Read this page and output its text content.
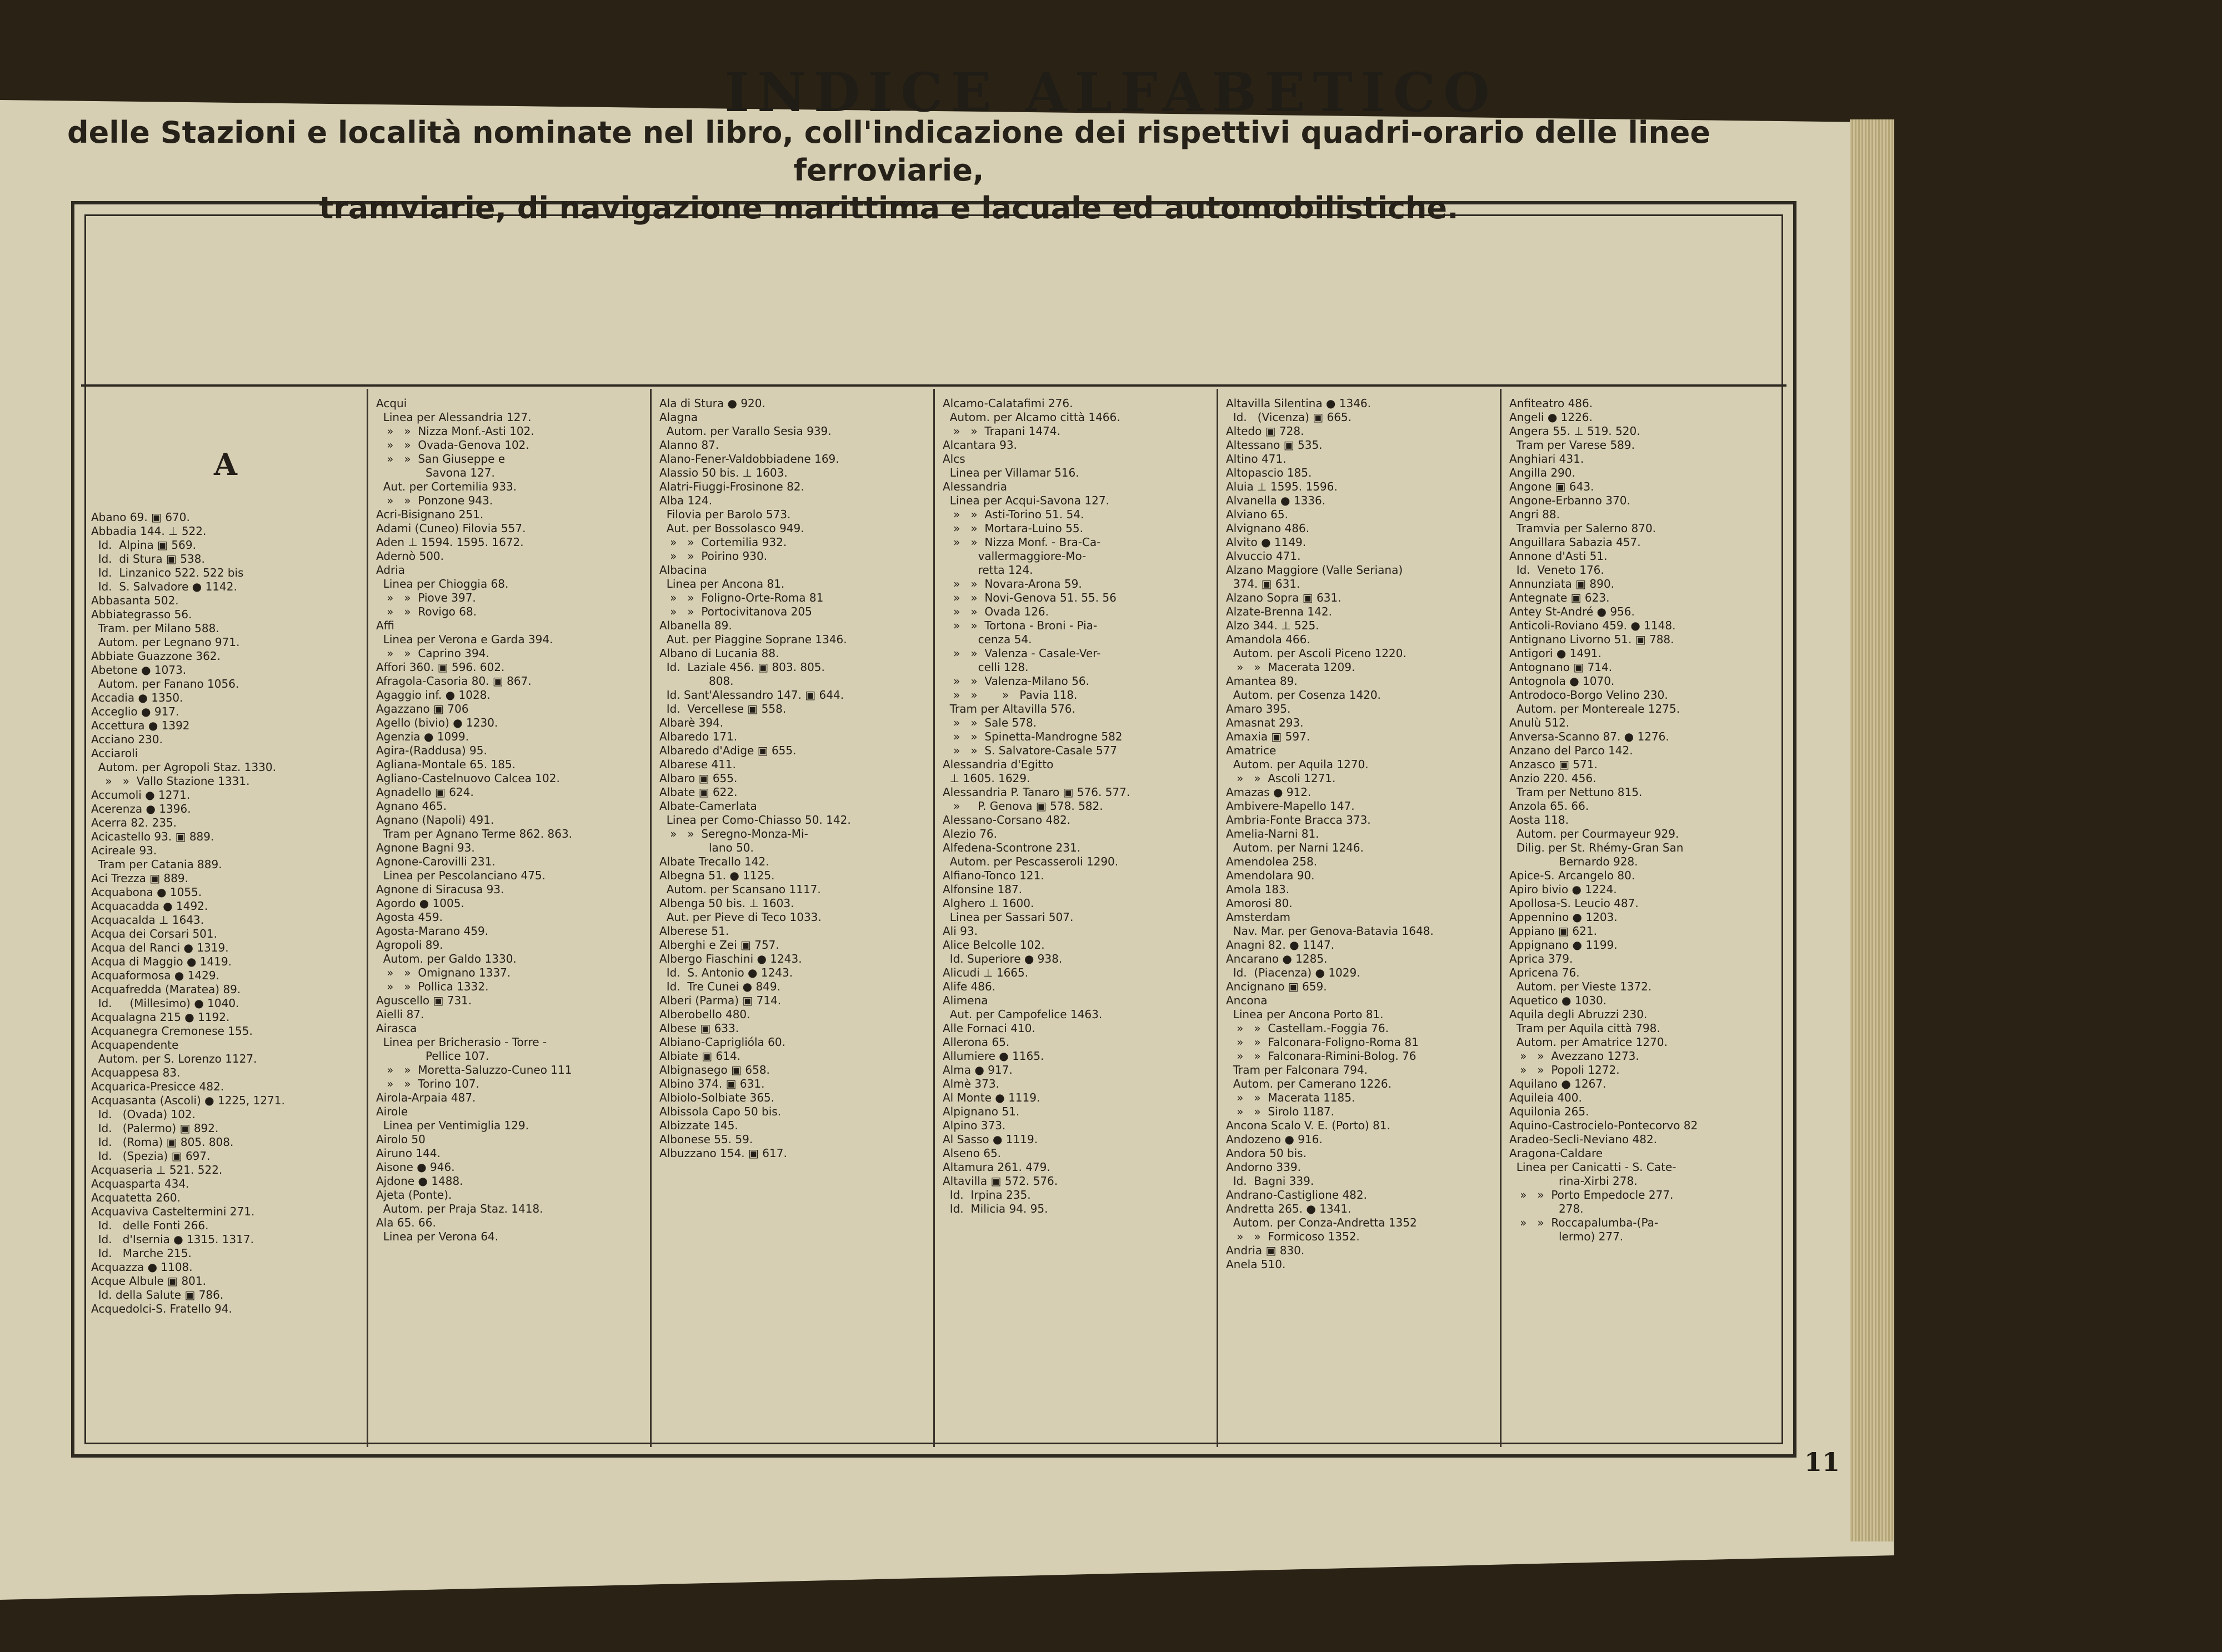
INDICE ALFABETICO
delle Stazioni e località nominate nel libro, coll'indicazione dei rispettivi quadri-orario delle linee ferroviarie,
tramviarie, di navigazione marittima e lacuale ed automobilistiche.
A
Abano 69. ▣ 670.
Abbadia 144. ⊥ 522.
Id.  Alpina ▣ 569.
Id.  di Stura ▣ 538.
Id.  Linzanico 522. 522 bis
Id.  S. Salvadore ● 1142.
Abbasanta 502.
Abbiategrasso 56.
Tram. per Milano 588.
Autom. per Legnano 971.
Abbiate Guazzone 362.
Abetone ● 1073.
Autom. per Fanano 1056.
Accadia ● 1350.
Acceglio ● 917.
Accettura ● 1392
Acciano 230.
Acciaroli
Autom. per Agropoli Staz. 1330.
»   »  Vallo Stazione 1331.
Accumoli ● 1271.
Acerenza ● 1396.
Acerra 82. 235.
Acicastello 93. ▣ 889.
Acireale 93.
Tram per Catania 889.
Aci Trezza ▣ 889.
Acquabona ● 1055.
Acquacadda ● 1492.
Acquacalda ⊥ 1643.
Acqua dei Corsari 501.
Acqua del Ranci ● 1319.
Acqua di Maggio ● 1419.
Acquaformosa ● 1429.
Acquafredda (Maratea) 89.
Id.     (Millesimo) ● 1040.
Acqualagna 215 ● 1192.
Acquanegra Cremonese 155.
Acquapendente
Autom. per S. Lorenzo 1127.
Acquappesa 83.
Acquarica-Presicce 482.
Acquasanta (Ascoli) ● 1225, 1271.
Id.   (Ovada) 102.
Id.   (Palermo) ▣ 892.
Id.   (Roma) ▣ 805. 808.
Id.   (Spezia) ▣ 697.
Acquaseria ⊥ 521. 522.
Acquasparta 434.
Acquatetta 260.
Acquaviva Casteltermini 271.
Id.   delle Fonti 266.
Id.   d'Isernia ● 1315. 1317.
Id.   Marche 215.
Acquazza ● 1108.
Acque Albule ▣ 801.
Id. della Salute ▣ 786.
Acquedolci-S. Fratello 94.
Acqui
Linea per Alessandria 127.
»   »  Nizza Monf.-Asti 102.
»   »  Ovada-Genova 102.
»   »  San Giuseppe e
Savona 127.
Aut. per Cortemilia 933.
»   »  Ponzone 943.
Acri-Bisignano 251.
Adami (Cuneo) Filovia 557.
Aden ⊥ 1594. 1595. 1672.
Adernò 500.
Adria
Linea per Chioggia 68.
»   »  Piove 397.
»   »  Rovigo 68.
Affi
Linea per Verona e Garda 394.
»   »  Caprino 394.
Affori 360. ▣ 596. 602.
Afragola-Casoria 80. ▣ 867.
Agaggio inf. ● 1028.
Agazzano ▣ 706
Agello (bivio) ● 1230.
Agenzia ● 1099.
Agira-(Raddusa) 95.
Agliana-Montale 65. 185.
Agliano-Castelnuovo Calcea 102.
Agnadello ▣ 624.
Agnano 465.
Agnano (Napoli) 491.
Tram per Agnano Terme 862. 863.
Agnone Bagni 93.
Agnone-Carovilli 231.
Linea per Pescolanciano 475.
Agnone di Siracusa 93.
Agordo ● 1005.
Agosta 459.
Agosta-Marano 459.
Agropoli 89.
Autom. per Galdo 1330.
»   »  Omignano 1337.
»   »  Pollica 1332.
Aguscello ▣ 731.
Aielli 87.
Airasca
Linea per Bricherasio - Torre -
Pellice 107.
»   »  Moretta-Saluzzo-Cuneo 111
»   »  Torino 107.
Airola-Arpaia 487.
Airole
Linea per Ventimiglia 129.
Airolo 50
Airuno 144.
Aisone ● 946.
Ajdone ● 1488.
Ajeta (Ponte).
Autom. per Praja Staz. 1418.
Ala 65. 66.
Linea per Verona 64.
Ala di Stura ● 920.
Alagna
Autom. per Varallo Sesia 939.
Alanno 87.
Alano-Fener-Valdobbiadene 169.
Alassio 50 bis. ⊥ 1603.
Alatri-Fiuggi-Frosinone 82.
Alba 124.
Filovia per Barolo 573.
Aut. per Bossolasco 949.
»   »  Cortemilia 932.
»   »  Poirino 930.
Albacina
Linea per Ancona 81.
»   »  Foligno-Orte-Roma 81
»   »  Portocivitanova 205
Albanella 89.
Aut. per Piaggine Soprane 1346.
Albano di Lucania 88.
Id.  Laziale 456. ▣ 803. 805.
808.
Id. Sant'Alessandro 147. ▣ 644.
Id.  Vercellese ▣ 558.
Albarè 394.
Albaredo 171.
Albaredo d'Adige ▣ 655.
Albarese 411.
Albaro ▣ 655.
Albate ▣ 622.
Albate-Camerlata
Linea per Como-Chiasso 50. 142.
»   »  Seregno-Monza-Mi-
lano 50.
Albate Trecallo 142.
Albegna 51. ● 1125.
Autom. per Scansano 1117.
Albenga 50 bis. ⊥ 1603.
Aut. per Pieve di Teco 1033.
Alberese 51.
Alberghi e Zei ▣ 757.
Albergo Fiaschini ● 1243.
Id.  S. Antonio ● 1243.
Id.  Tre Cunei ● 849.
Alberi (Parma) ▣ 714.
Alberobello 480.
Albese ▣ 633.
Albiano-Capriglióla 60.
Albiate ▣ 614.
Albignasego ▣ 658.
Albino 374. ▣ 631.
Albiolo-Solbiate 365.
Albissola Capo 50 bis.
Albizzate 145.
Albonese 55. 59.
Albuzzano 154. ▣ 617.
Alcamo-Calatafimi 276.
Autom. per Alcamo città 1466.
»   »  Trapani 1474.
Alcantara 93.
Alcs
Linea per Villamar 516.
Alessandria
Linea per Acqui-Savona 127.
»   »  Asti-Torino 51. 54.
»   »  Mortara-Luino 55.
»   »  Nizza Monf. - Bra-Ca-
vallermaggiore-Mo-
retta 124.
»   »  Novara-Arona 59.
»   »  Novi-Genova 51. 55. 56
»   »  Ovada 126.
»   »  Tortona - Broni - Pia-
cenza 54.
»   »  Valenza - Casale-Ver-
celli 128.
»   »  Valenza-Milano 56.
»   »       »   Pavia 118.
Tram per Altavilla 576.
»   »  Sale 578.
»   »  Spinetta-Mandrogne 582
»   »  S. Salvatore-Casale 577
Alessandria d'Egitto
⊥ 1605. 1629.
Alessandria P. Tanaro ▣ 576. 577.
»     P. Genova ▣ 578. 582.
Alessano-Corsano 482.
Alezio 76.
Alfedena-Scontrone 231.
Autom. per Pescasseroli 1290.
Alfiano-Tonco 121.
Alfonsine 187.
Alghero ⊥ 1600.
Linea per Sassari 507.
Ali 93.
Alice Belcolle 102.
Id. Superiore ● 938.
Alicudi ⊥ 1665.
Alife 486.
Alimena
Aut. per Campofelice 1463.
Alle Fornaci 410.
Allerona 65.
Allumiere ● 1165.
Alma ● 917.
Almè 373.
Al Monte ● 1119.
Alpignano 51.
Alpino 373.
Al Sasso ● 1119.
Alseno 65.
Altamura 261. 479.
Altavilla ▣ 572. 576.
Id.  Irpina 235.
Id.  Milicia 94. 95.
Altavilla Silentina ● 1346.
Id.   (Vicenza) ▣ 665.
Altedo ▣ 728.
Altessano ▣ 535.
Altino 471.
Altopascio 185.
Aluia ⊥ 1595. 1596.
Alvanella ● 1336.
Alviano 65.
Alvignano 486.
Alvito ● 1149.
Alvuccio 471.
Alzano Maggiore (Valle Seriana)
374. ▣ 631.
Alzano Sopra ▣ 631.
Alzate-Brenna 142.
Alzo 344. ⊥ 525.
Amandola 466.
Autom. per Ascoli Piceno 1220.
»   »  Macerata 1209.
Amantea 89.
Autom. per Cosenza 1420.
Amaro 395.
Amasnat 293.
Amaxia ▣ 597.
Amatrice
Autom. per Aquila 1270.
»   »  Ascoli 1271.
Amazas ● 912.
Ambivere-Mapello 147.
Ambria-Fonte Bracca 373.
Amelia-Narni 81.
Autom. per Narni 1246.
Amendolea 258.
Amendolara 90.
Amola 183.
Amorosi 80.
Amsterdam
Nav. Mar. per Genova-Batavia 1648.
Anagni 82. ● 1147.
Ancarano ● 1285.
Id.  (Piacenza) ● 1029.
Ancignano ▣ 659.
Ancona
Linea per Ancona Porto 81.
»   »  Castellam.-Foggia 76.
»   »  Falconara-Foligno-Roma 81
»   »  Falconara-Rimini-Bolog. 76
Tram per Falconara 794.
Autom. per Camerano 1226.
»   »  Macerata 1185.
»   »  Sirolo 1187.
Ancona Scalo V. E. (Porto) 81.
Andozeno ● 916.
Andora 50 bis.
Andorno 339.
Id.  Bagni 339.
Andrano-Castiglione 482.
Andretta 265. ● 1341.
Autom. per Conza-Andretta 1352
»   »  Formicoso 1352.
Andria ▣ 830.
Anela 510.
Anfiteatro 486.
Angeli ● 1226.
Angera 55. ⊥ 519. 520.
Tram per Varese 589.
Anghiari 431.
Angilla 290.
Angone ▣ 643.
Angone-Erbanno 370.
Angri 88.
Tramvia per Salerno 870.
Anguillara Sabazia 457.
Annone d'Asti 51.
Id.  Veneto 176.
Annunziata ▣ 890.
Antegnate ▣ 623.
Antey St-André ● 956.
Anticoli-Roviano 459. ● 1148.
Antignano Livorno 51. ▣ 788.
Antigori ● 1491.
Antognano ▣ 714.
Antognola ● 1070.
Antrodoco-Borgo Velino 230.
Autom. per Montereale 1275.
Anulù 512.
Anversa-Scanno 87. ● 1276.
Anzano del Parco 142.
Anzasco ▣ 571.
Anzio 220. 456.
Tram per Nettuno 815.
Anzola 65. 66.
Aosta 118.
Autom. per Courmayeur 929.
Dilig. per St. Rhémy-Gran San
Bernardo 928.
Apice-S. Arcangelo 80.
Apiro bivio ● 1224.
Apollosa-S. Leucio 487.
Appennino ● 1203.
Appiano ▣ 621.
Appignano ● 1199.
Aprica 379.
Apricena 76.
Autom. per Vieste 1372.
Aquetico ● 1030.
Aquila degli Abruzzi 230.
Tram per Aquila città 798.
Autom. per Amatrice 1270.
»   »  Avezzano 1273.
»   »  Popoli 1272.
Aquilano ● 1267.
Aquileia 400.
Aquilonia 265.
Aquino-Castrocielo-Pontecorvo 82
Aradeo-Secli-Neviano 482.
Aragona-Caldare
Linea per Canicatti - S. Cate-
rina-Xirbi 278.
»   »  Porto Empedocle 277.
278.
»   »  Roccapalumba-(Pa-
lermo) 277.
11
